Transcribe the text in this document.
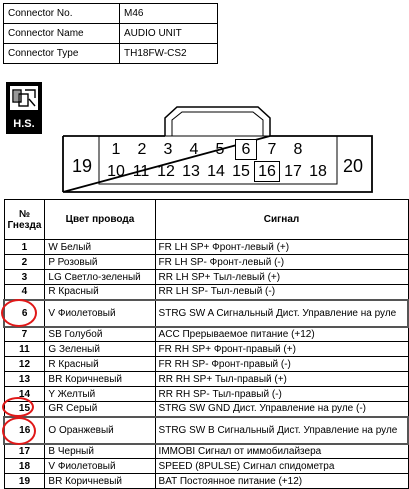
Connector No.	M46
Connector Name	AUDIO UNIT
Connector Type	TH18FW-CS2
H.S.
19	20
1	2	3	4	5	6	7	8
10 11 12 13 14 15 16 17 18
№
Гнезда	Цвет провода	Сигнал
1	W Белый	FR LH SP+ Фронт-левый (+)
2	P Розовый	FR LH SP- Фронт-левый (-)
3	LG Светло-зеленый	RR LH SP+ Тыл-левый (+)
4	R Красный	RR LH SP- Тыл-левый (-)
6	V Фиолетовый	STRG SW A Сигнальный Дист. Управление на руле
7	SB Голубой	ACC Прерываемое питание (+12)
11	G Зеленый	FR RH SP+ Фронт-правый (+)
12	R Красный	FR RH SP- Фронт-правый (-)
13	BR Коричневый	RR RH SP+ Тыл-правый (+)
14	Y Желтый	RR RH SP- Тыл-правый (-)
15	GR Серый	STRG SW GND Дист. Управление на руле (-)
16	O Оранжевый	STRG SW B Сигнальный Дист. Управление на руле
17	B Черный	IMMOBI Сигнал от иммобилайзера
18	V Фиолетовый	SPEED (8PULSE) Сигнал спидометра
19	BR Коричневый	BAT Постоянное питание (+12)
